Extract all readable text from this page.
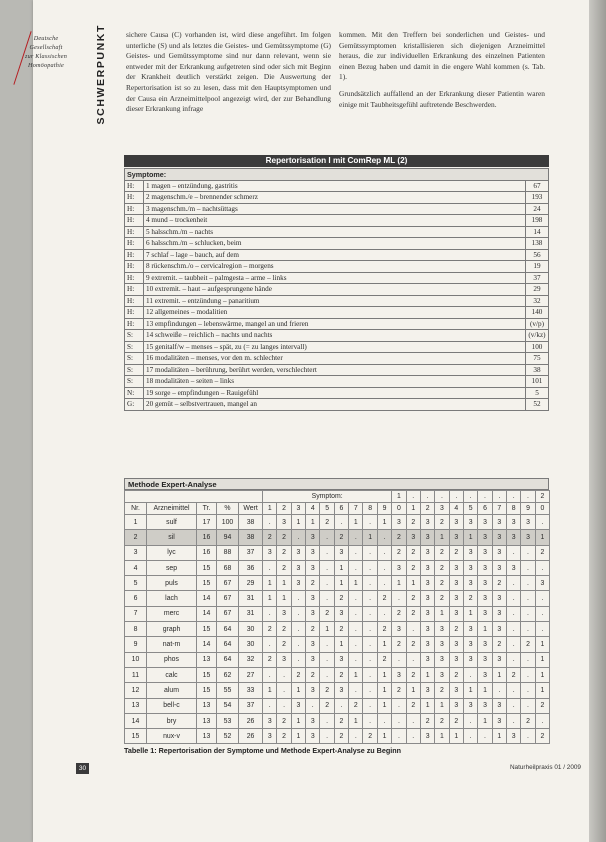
Deutsche
Gesellschaft
zur Klassischen
Homöopathie	SCHWERPUNKT	sichere Causa (C) vorhanden ist, wird diese angeführt. Im folgen unterliche (S) und als letztes die Geistes- und Gemütssymptome (G) Geistes- und Gemütssymptome sind nur dann relevant, wenn sie entweder mit der Erkrankung aufgetreten sind oder sich mit Beginn der Krankheit deutlich verstärkt zeigen. Die Auswertung der Repertorisation ist so zu lesen, dass mit den Hauptsymptomen und der Causa ein Arzneimittelpool angezeigt wird, der zur Behandlung dieser Erkrankung infrage

kommen. Mit den Treffern bei sonderlichen und Geistes- und Gemütssymptomen kristallisieren sich diejenigen Arzneimittel heraus, die zur individuellen Erkrankung des einzelnen Patienten einen Bezug haben und damit in die engere Wahl kommen (s. Tab. 1).

Grundsätzlich auffallend an der Erkrankung dieser Patientin waren einige mit Taubheitsgefühl auftretende Beschwerden.

Repertorisation I mit ComRep ML (2)
Symptome:		
H:	1 magen – entzündung, gastritis	67
H:	2 magenschm./e – brennender schmerz	193
H:	3 magenschm./m – nachtsüttags	24
H:	4 mund – trockenheit	198
H:	5 halsschm./m – nachts	14
H:	6 halsschm./m – schlucken, beim	138
H:	7 schlaf – lage – bauch, auf dem	56
H:	8 rückenschm./o – cervicalregion – morgens	19
H:	9 extremit. – taubheit – palmgesta – arme – links	37
H:	10 extremit. – haut – aufgesprungene hände	29
H:	11 extremit. – entzündung – panaritium	32
H:	12 allgemeines – modalitien	140
H:	13 empfindungen – lebenswärme, mangel an und frieren	(v/p)
S:	14 schweiße – reichlich – nachts und nachts	(v/kz)
S:	15 genitalf/w – menses – spät, zu (= zu langes intervall)	100
S:	16 modalitäten – menses, vor den m. schlechter	75
S:	17 modalitäten – berührung, berührt werden, verschlechtert	38
S:	18 modalitäten – seiten – links	101
N:	19 sorge – empfindungen – Rauigefühl	5
G:	20 gemüt – selbstvertrauen, mangel an	52
Methode Expert-Analyse
					Symptom:									1	.	.	.	.	.	.	.	.	.	2
Nr.	Arzneimittel	Tr.	%	Wert	1	2	3	4	5	6	7	8	9	0	1	2	3	4	5	6	7	8	9	0
1	sulf	17	100	38	.	3	1	1	2	.	1	.	1	3	2	3	2	3	3	3	3	3	3	.
2	sil	16	94	38	2	2	.	3	.	2	.	1	.	2	3	3	1	3	1	3	3	3	3	1
3	lyc	16	88	37	3	2	3	3	.	3	.	.	.	2	2	3	2	2	3	3	3	.	.	2
4	sep	15	68	36	.	2	3	3	.	1	.	.	.	3	2	3	2	3	3	3	3	3	.	.
5	puls	15	67	29	1	1	3	2	.	1	1	.	.	1	1	3	2	3	3	3	2	.	.	3
6	lach	14	67	31	1	1	.	3	.	2	.	.	2	.	2	3	2	3	2	3	3	.	.	.
7	merc	14	67	31	.	3	.	3	2	3	.	.	.	2	2	3	1	3	1	3	3	.	.	.
8	graph	15	64	30	2	2	.	2	1	2	.	.	2	3	.	3	3	2	3	1	3	.	.	.
9	nat-m	14	64	30	.	2	.	3	.	1	.	.	1	2	2	3	3	3	3	3	2	.	2	1
10	phos	13	64	32	2	3	.	3	.	3	.	.	2	.	.	3	3	3	3	3	3	.	.	1
11	calc	15	62	27	.	.	2	2	.	2	1	.	1	3	2	1	3	2	.	3	1	2	.	1
12	alum	15	55	33	1	.	1	3	2	3	.	.	1	2	1	3	2	3	1	1	.	.	.	1
13	bell-c	13	54	37	.	.	3	.	2	.	2	.	1	.	2	1	1	3	3	3	3	.	.	2
14	bry	13	53	26	3	2	1	3	.	2	1	.	.	.	.	2	2	2	.	1	3	.	2	.
15	nux-v	13	52	26	3	2	1	3	.	2	.	2	1	.	.	3	1	1	.	.	1	3	.	2
Tabelle 1: Repertorisation der Symptome und Methode Expert-Analyse zu Beginn
30	Naturheilpraxis 01 / 2009
